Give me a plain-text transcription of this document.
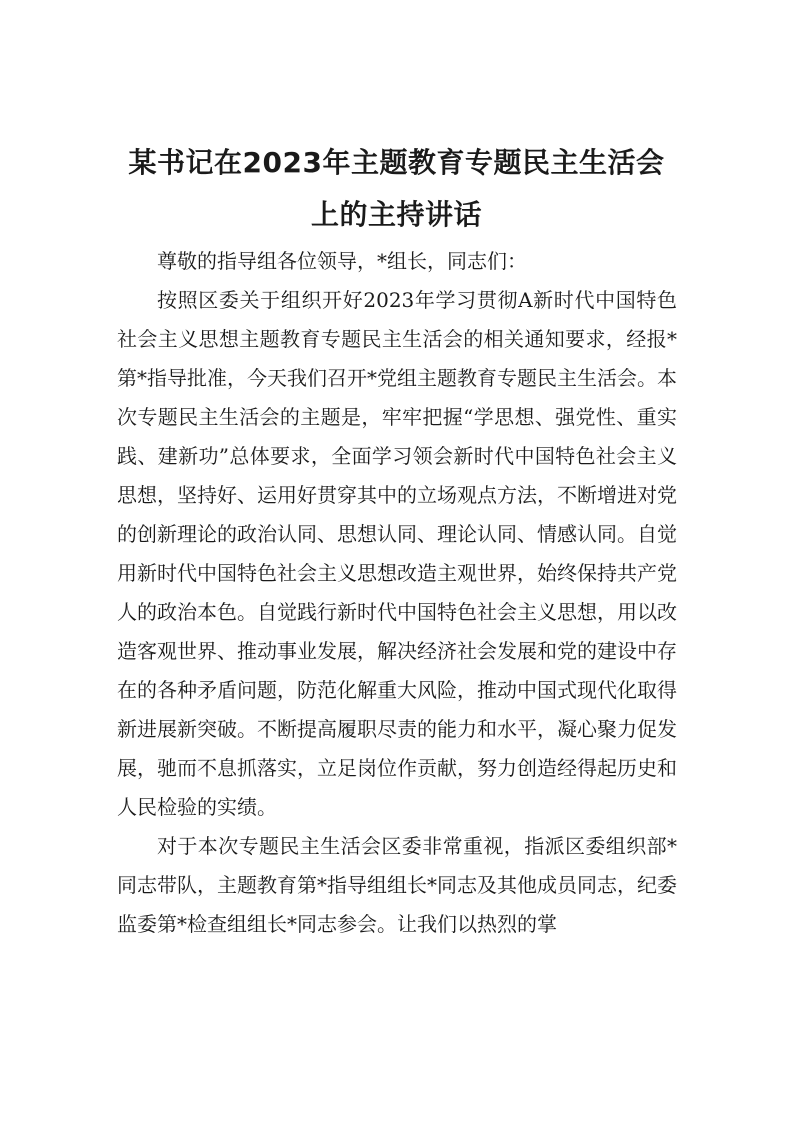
某书记在2023年主题教育专题民主生活会
上的主持讲话

尊敬的指导组各位领导，*组长，同志们：

按照区委关于组织开好2023年学习贯彻A新时代中国特色社会主义思想主题教育专题民主生活会的相关通知要求，经报*第*指导批准，今天我们召开*党组主题教育专题民主生活会。本次专题民主生活会的主题是，牢牢把握“学思想、强党性、重实践、建新功”总体要求，全面学习领会新时代中国特色社会主义思想，坚持好、运用好贯穿其中的立场观点方法，不断增进对党的创新理论的政治认同、思想认同、理论认同、情感认同。自觉用新时代中国特色社会主义思想改造主观世界，始终保持共产党人的政治本色。自觉践行新时代中国特色社会主义思想，用以改造客观世界、推动事业发展，解决经济社会发展和党的建设中存在的各种矛盾问题，防范化解重大风险，推动中国式现代化取得新进展新突破。不断提高履职尽责的能力和水平，凝心聚力促发展，驰而不息抓落实，立足岗位作贡献，努力创造经得起历史和人民检验的实绩。

对于本次专题民主生活会区委非常重视，指派区委组织部*同志带队，主题教育第*指导组组长*同志及其他成员同志，纪委监委第*检查组组长*同志参会。让我们以热烈的掌
